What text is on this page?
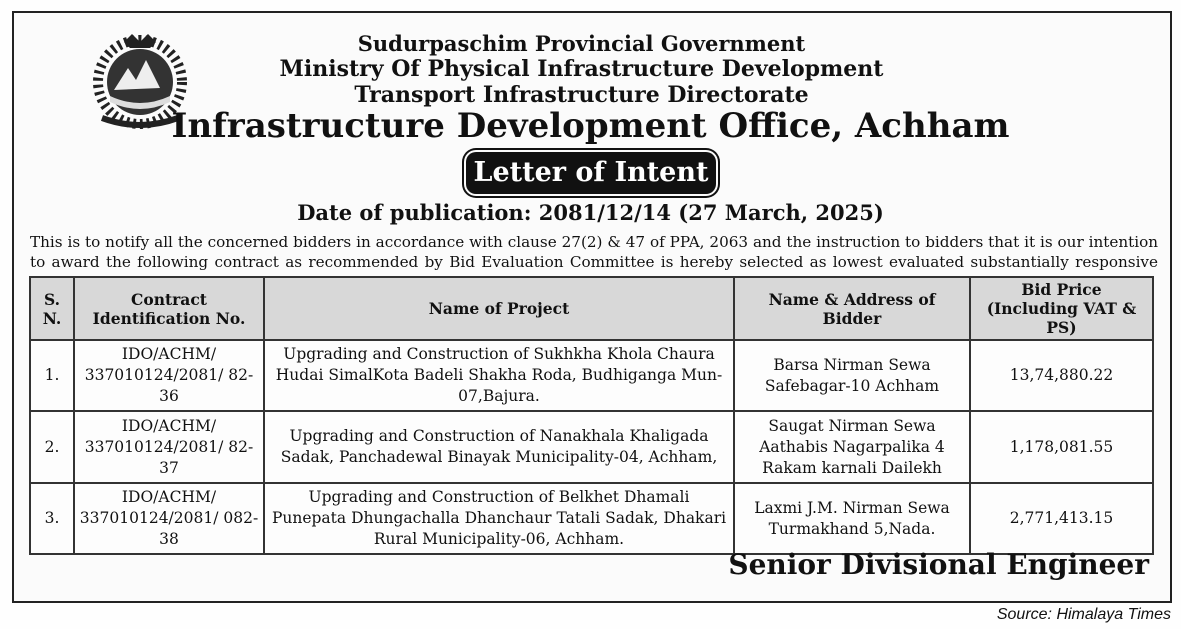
Sudurpaschim Provincial Government
Ministry Of Physical Infrastructure Development
Transport Infrastructure Directorate
Infrastructure Development Office, Achham
Letter of Intent
Date of publication: 2081/12/14 (27 March, 2025)
This is to notify all the concerned bidders in accordance with clause 27(2) & 47 of PPA, 2063 and the instruction to bidders that it is our intention to award the following contract as recommended by Bid Evaluation Committee is hereby selected as lowest evaluated substantially responsive
S. N.	Contract Identification No.	Name of Project	Name & Address of Bidder	Bid Price (Including VAT & PS)
1.	IDO/ACHM/ 337010124/2081/ 82-36	Upgrading and Construction of Sukhkha Khola Chaura Hudai SimalKota Badeli Shakha Roda, Budhiganga Mun-07,Bajura.	Barsa Nirman Sewa Safebagar-10 Achham	13,74,880.22
2.	IDO/ACHM/ 337010124/2081/ 82-37	Upgrading and Construction of Nanakhala Khaligada Sadak, Panchadewal Binayak Municipality-04, Achham,	Saugat Nirman Sewa Aathabis Nagarpalika 4 Rakam karnali Dailekh	1,178,081.55
3.	IDO/ACHM/ 337010124/2081/ 082-38	Upgrading and Construction of Belkhet Dhamali Punepata Dhungachalla Dhanchaur Tatali Sadak, Dhakari Rural Municipality-06, Achham.	Laxmi J.M. Nirman Sewa Turmakhand 5,Nada.	2,771,413.15
Senior Divisional Engineer
Source: Himalaya Times
